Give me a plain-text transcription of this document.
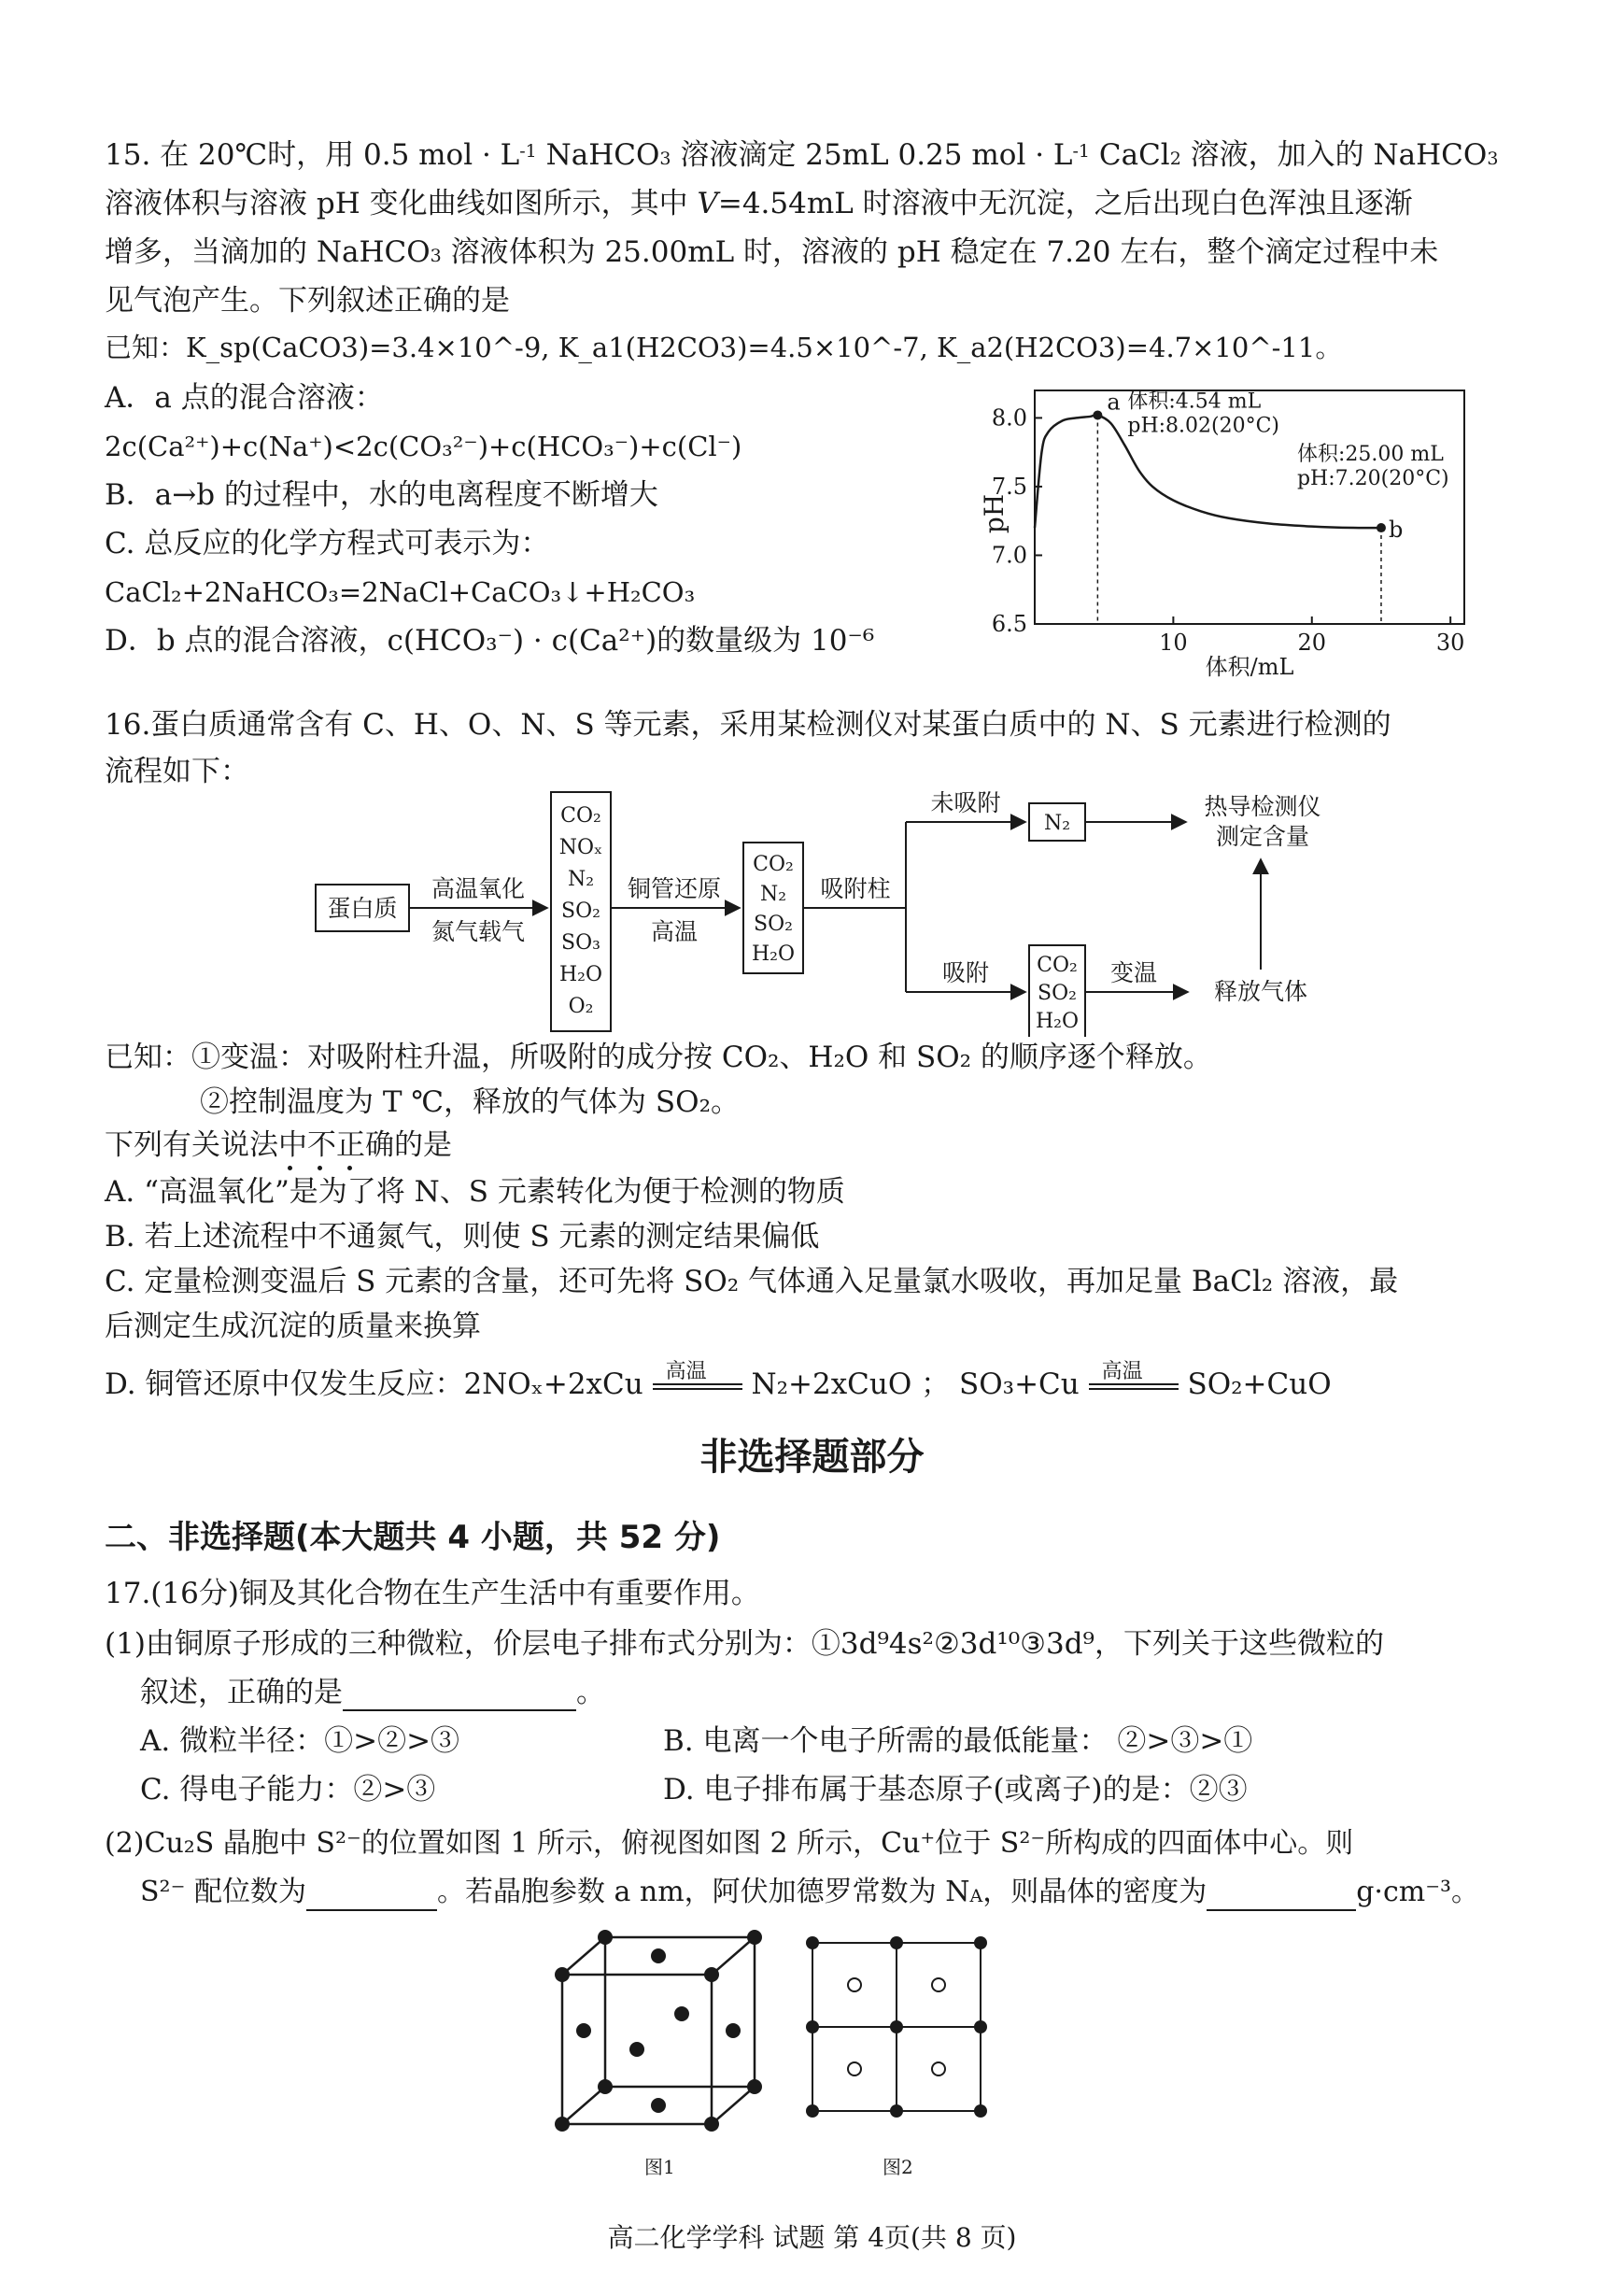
15. 在 20℃时，用 0.5 mol · $L^{-1}$ NaHCO3 溶液滴定 25mL 0.25 mol · $L^{-1}$ CaCl2 溶液，加入的 NaHCO3
溶液体积与溶液 pH 变化曲线如图所示，其中 V=4.54mL 时溶液中无沉淀，之后出现白色浑浊且逐渐
增多，当滴加的 NaHCO3 溶液体积为 25.00mL 时，溶液的 pH 稳定在 7.20 左右，整个滴定过程中未
见气泡产生。下列叙述正确的是
已知：K_sp(CaCO3)=3.4×10^-9, K_a1(H2CO3)=4.5×10^-7, K_a2(H2CO3)=4.7×10^-11。
A．a 点的混合溶液：
2c(Ca²⁺)+c(Na⁺)<2c(CO₃²⁻)+c(HCO₃⁻)+c(Cl⁻)
B．a→b 的过程中，水的电离程度不断增大
C. 总反应的化学方程式可表示为：
CaCl₂+2NaHCO₃=2NaCl+CaCO₃↓+H₂CO₃
D．b 点的混合溶液，c(HCO₃⁻) · c(Ca²⁺)的数量级为 10⁻⁶	6.5
7.0
7.5
8.0
10	20	30
a 体积:4.54 mL
pH:8.02(20°C)
b
体积:25.00 mL
pH:7.20(20°C)
pH
体积/mL
16.蛋白质通常含有 C、H、O、N、S 等元素，采用某检测仪对某蛋白质中的 N、S 元素进行检测的
流程如下：
蛋白质
高温氧化
氮气载气
CO₂
NOₓ
N₂
SO₂
SO₃
H₂O
O₂
铜管还原
高温
CO₂
N₂
SO₂
H₂O
吸附柱
未吸附
N₂
热导检测仪
测定含量
吸附 CO₂
SO₂
H₂O
变温
释放气体
已知：①变温：对吸附柱升温，所吸附的成分按 CO₂、H₂O 和 SO₂ 的顺序逐个释放。
②控制温度为 T ℃，释放的气体为 SO₂。
下列有关说法中不正确的是
A. “高温氧化”是为了将 N、S 元素转化为便于检测的物质
B. 若上述流程中不通氮气，则使 S 元素的测定结果偏低
C. 定量检测变温后 S 元素的含量，还可先将 SO₂ 气体通入足量氯水吸收，再加足量 BaCl₂ 溶液，最
后测定生成沉淀的质量来换算
D. 铜管还原中仅发生反应：2NOₓ+2xCu 高温 N₂+2xCuO ； SO₃+Cu 高温 SO₂+CuO
非选择题部分
二、非选择题(本大题共 4 小题，共 52 分)
17.(16分)铜及其化合物在生产生活中有重要作用。
(1)由铜原子形成的三种微粒，价层电子排布式分别为：①3d⁹4s²②3d¹⁰③3d⁹，下列关于这些微粒的
叙述，正确的是	。
A. 微粒半径：①>②>③	B. 电离一个电子所需的最低能量： ②>③>①
C. 得电子能力：②>③	D. 电子排布属于基态原子(或离子)的是：②③
(2)Cu₂S 晶胞中 S²⁻的位置如图 1 所示，俯视图如图 2 所示，Cu⁺位于 S²⁻所构成的四面体中心。则
S²⁻ 配位数为	。若晶胞参数 a nm，阿伏加德罗常数为 NA，则晶体的密度为	g·cm⁻³。
图1	图2
高二化学学科 试题 第 4页(共 8 页)
